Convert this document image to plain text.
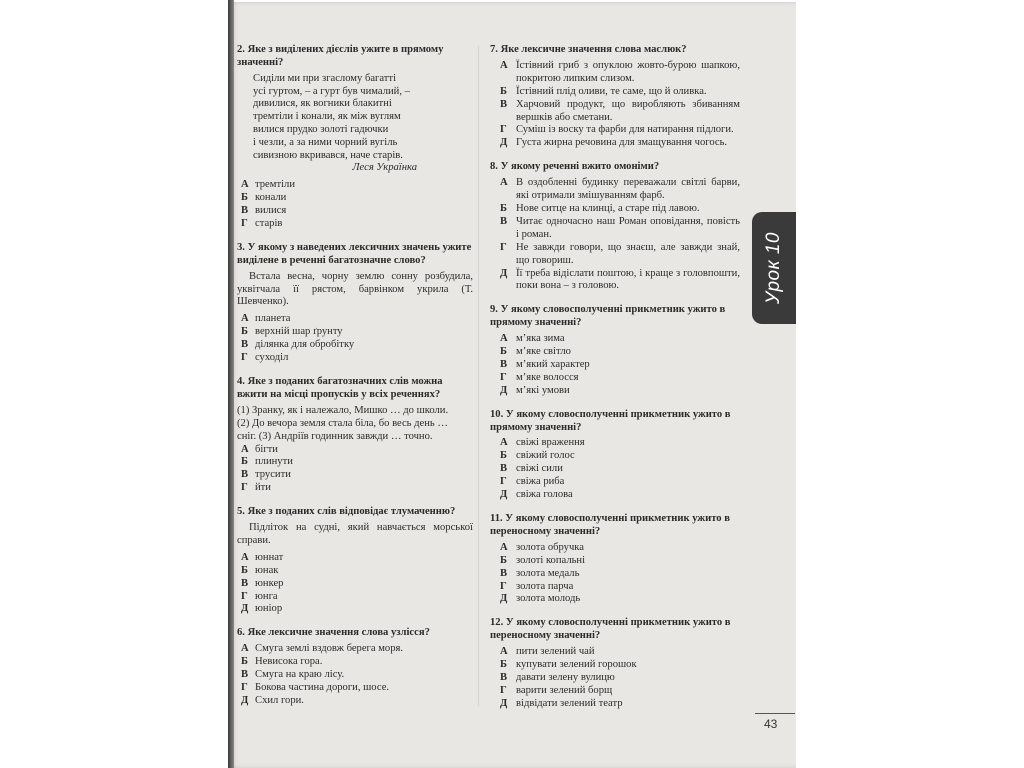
2. Яке з виділених дієслів ужите в прямому значенні?
Сиділи ми при згаслому багатті
усі гуртом, – а гурт був чималий, –
дивилися, як вогники блакитні
тремтіли і конали, як між вуглям
вилися прудко золоті гадючки
і чезли, а за ними чорний вугіль
сивизною вкривався, наче старів.
Леся Українка
А тремтіли
Б конали
В вилися
Г старів
3. У якому з наведених лексичних значень ужите виділене в реченні багатозначне слово?
Встала весна, чорну землю сонну розбудила, уквітчала її рястом, барвінком укрила (Т. Шевченко).
А планета
Б верхній шар ґрунту
В ділянка для обробітку
Г суходіл
4. Яке з поданих багатозначних слів можна вжити на місці пропусків у всіх реченнях?
(1) Зранку, як і належало, Мишко … до школи.
(2) До вечора земля стала біла, бо весь день …
сніг. (3) Андріїв годинник завжди … точно.
А бігти
Б плинути
В трусити
Г йти
5. Яке з поданих слів відповідає тлумаченню?
Підліток на судні, який навчається морської справи.
А юннат
Б юнак
В юнкер
Г юнга
Д юніор
6. Яке лексичне значення слова узлісся?
А Смуга землі вздовж берега моря.
Б Невисока гора.
В Смуга на краю лісу.
Г Бокова частина дороги, шосе.
Д Схил гори.
7. Яке лексичне значення слова маслюк?
А Їстівний гриб з опуклою жовто-бурою шапкою, покритою липким слизом.
Б Їстівний плід оливи, те саме, що й оливка.
В Харчовий продукт, що виробляють збиванням вершків або сметани.
Г Суміш із воску та фарби для натирання підлоги.
Д Густа жирна речовина для змащування чогось.
8. У якому реченні вжито омоніми?
А В оздобленні будинку переважали світлі барви, які отримали змішуванням фарб.
Б Нове ситце на клинці, а старе під лавою.
В Читає одночасно наш Роман оповідання, повість і роман.
Г Не завжди говори, що знаєш, але завжди знай, що говориш.
Д Її треба відіслати поштою, і краще з головпошти, поки вона – з головою.
9. У якому словосполученні прикметник ужито в прямому значенні?
А м’яка зима
Б м’яке світло
В м’який характер
Г м’яке волосся
Д м’які умови
10. У якому словосполученні прикметник ужито в прямому значенні?
А свіжі враження
Б свіжий голос
В свіжі сили
Г свіжа риба
Д свіжа голова
11. У якому словосполученні прикметник ужито в переносному значенні?
А золота обручка
Б золоті копальні
В золота медаль
Г золота парча
Д золота молодь
12. У якому словосполученні прикметник ужито в переносному значенні?
А пити зелений чай
Б купувати зелений горошок
В давати зелену вулицю
Г варити зелений борщ
Д відвідати зелений театр
Урок 10
43
